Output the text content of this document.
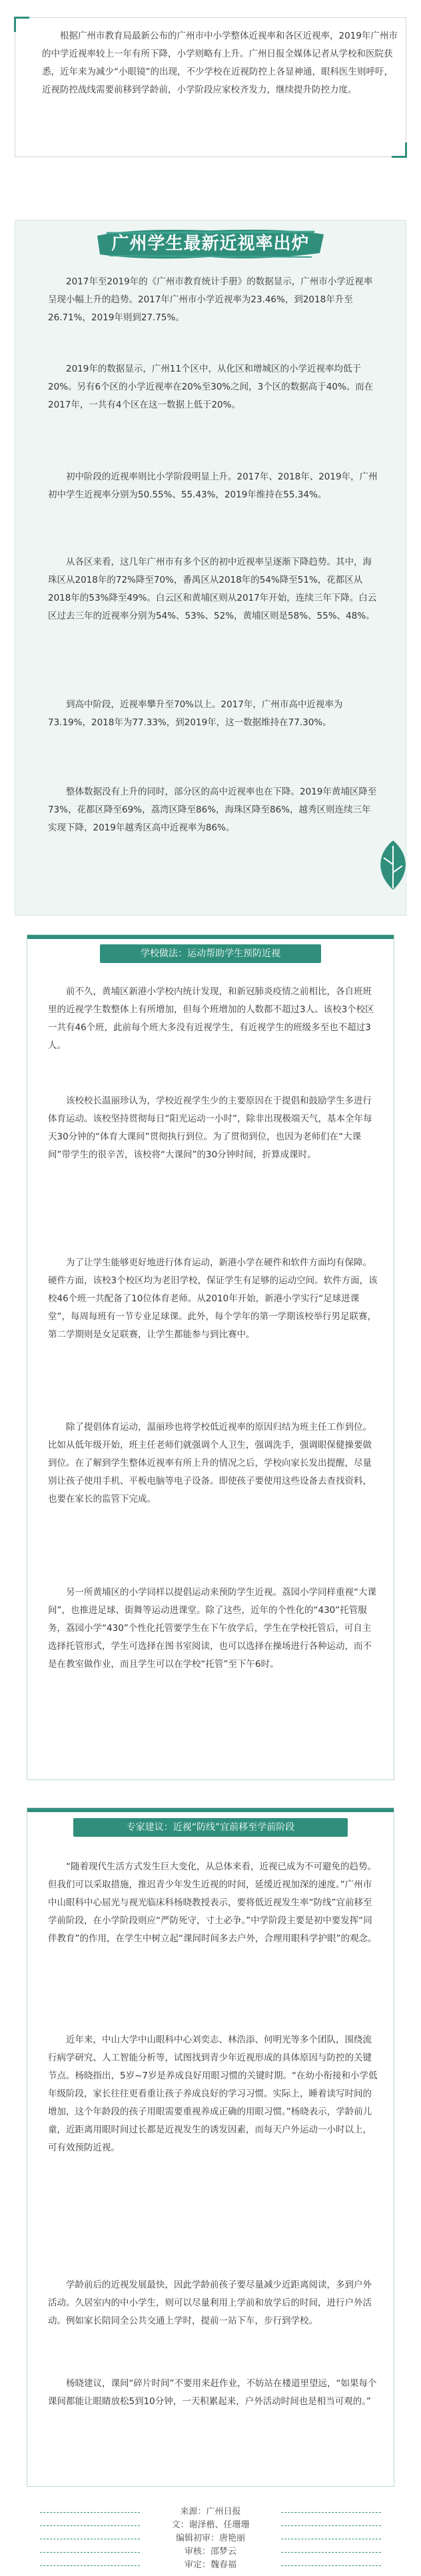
根据广州市教育局最新公布的广州市中小学整体近视率和各区近视率，2019年广州市的中学近视率较上一年有所下降，小学则略有上升。广州日报全媒体记者从学校和医院获悉，近年来为减少“小眼镜”的出现，不少学校在近视防控上各显神通，眼科医生则呼吁，近视防控战线需要前移到学龄前，小学阶段应家校齐发力，继续提升防控力度。

广州学生最新近视率出炉

2017年至2019年的《广州市教育统计手册》的数据显示，广州市小学近视率呈现小幅上升的趋势。2017年广州市小学近视率为23.46%，到2018年升至26.71%，2019年则到27.75%。

2019年的数据显示，广州11个区中，从化区和增城区的小学近视率均低于20%。另有6个区的小学近视率在20%至30%之间，3个区的数据高于40%。而在2017年，一共有4个区在这一数据上低于20%。

初中阶段的近视率则比小学阶段明显上升。2017年、2018年、2019年，广州初中学生近视率分别为50.55%、55.43%，2019年维持在55.34%。

从各区来看，这几年广州市有多个区的初中近视率呈逐渐下降趋势。其中，海珠区从2018年的72%降至70%，番禺区从2018年的54%降至51%，花都区从2018年的53%降至49%。白云区和黄埔区则从2017年开始，连续三年下降。白云区过去三年的近视率分别为54%、53%、52%，黄埔区则是58%、55%、48%。

到高中阶段，近视率攀升至70%以上。2017年，广州市高中近视率为73.19%，2018年为77.33%，到2019年，这一数据维持在77.30%。

整体数据没有上升的同时，部分区的高中近视率也在下降。2019年黄埔区降至73%，花都区降至69%，荔湾区降至86%，海珠区降至86%，越秀区则连续三年实现下降，2019年越秀区高中近视率为86%。

学校做法：运动帮助学生预防近视

前不久，黄埔区新港小学校内统计发现，和新冠肺炎疫情之前相比，各自班班里的近视学生数整体上有所增加，但每个班增加的人数都不超过3人。该校3个校区一共有46个班，此前每个班大多没有近视学生，有近视学生的班级多至也不超过3人。

该校校长温丽珍认为，学校近视学生少的主要原因在于提倡和鼓励学生多进行体育运动。该校坚持贯彻每日“阳光运动一小时”，除非出现极端天气，基本全年每天30分钟的“体育大课间”贯彻执行到位。为了贯彻到位，也因为老师们在“大课间”带学生的很辛苦，该校将“大课间”的30分钟时间，折算成课时。

为了让学生能够更好地进行体育运动，新港小学在硬件和软件方面均有保障。硬件方面，该校3个校区均为老旧学校，保证学生有足够的运动空间。软件方面，该校46个班一共配备了10位体育老师。从2010年开始，新港小学实行“足球进课堂”，每周每班有一节专业足球课。此外，每个学年的第一学期该校举行男足联赛，第二学期则是女足联赛，让学生都能参与到比赛中。

除了提倡体育运动，温丽珍也将学校低近视率的原因归结为班主任工作到位。比如从低年级开始，班主任老师们就强调个人卫生，强调洗手，强调眼保健操要做到位。在了解到学生整体近视率有所上升的情况之后，学校向家长发出提醒，尽量别让孩子使用手机、平板电脑等电子设备。即使孩子要使用这些设备去查找资料，也要在家长的监管下完成。

另一所黄埔区的小学同样以提倡运动来预防学生近视。荔园小学同样重视“大课间”，也推进足球、街舞等运动进课堂。除了这些，近年的个性化的“430”托管服务，荔园小学“430”个性化托管要学生在下午放学后，学生在学校托管后，可自主选择托管形式，学生可选择在图书室阅读，也可以选择在操场进行各种运动，而不是在教室做作业，而且学生可以在学校“托管”至下午6时。

专家建议：近视“防线”宜前移至学前阶段

“随着现代生活方式发生巨大变化，从总体来看，近视已成为不可避免的趋势。但我们可以采取措施，推迟青少年发生近视的时间，延缓近视加深的速度。”广州市中山眼科中心屈光与视光临床科杨晓教授表示，要将低近视发生率“防线”宜前移至学前阶段，在小学阶段则应“严防死守，寸土必争。”中学阶段主要是初中要发挥“同伴教育”的作用，在学生中树立起“课间时间多去户外，合理用眼科学护眼”的观念。

近年来，中山大学中山眼科中心刘奕志、林浩添、何明光等多个团队，围绕流行病学研究、人工智能分析等，试图找到青少年近视形成的具体原因与防控的关键节点。杨晓指出，5岁~7岁是养成良好用眼习惯的关键时期。“在幼小衔接和小学低年级阶段，家长往往更看重让孩子养成良好的学习习惯。实际上，睡着读写时间的增加，这个年龄段的孩子用眼需要重视养成正确的用眼习惯。”杨晓表示，学龄前儿童，近距离用眼时间过长都是近视发生的诱发因素，而每天户外运动一小时以上，可有效预防近视。

学龄前后的近视发展最快，因此学龄前孩子要尽量减少近距离阅读，多到户外活动。久居室内的中小学生，则可以尽量利用上学前和放学后的时间，进行户外活动。例如家长陪同全公共交通上学时，提前一站下车，步行到学校。

杨晓建议，课间“碎片时间”不要用来赶作业，不妨站在楼道里望远，“如果每个课间都能让眼睛放松5到10分钟，一天积累起来，户外活动时间也是相当可观的。”

来源：广州日报
文：谢泽楷、任珊珊
编辑初审：唐艳丽
审核：邵梦云
审定：魏春福
